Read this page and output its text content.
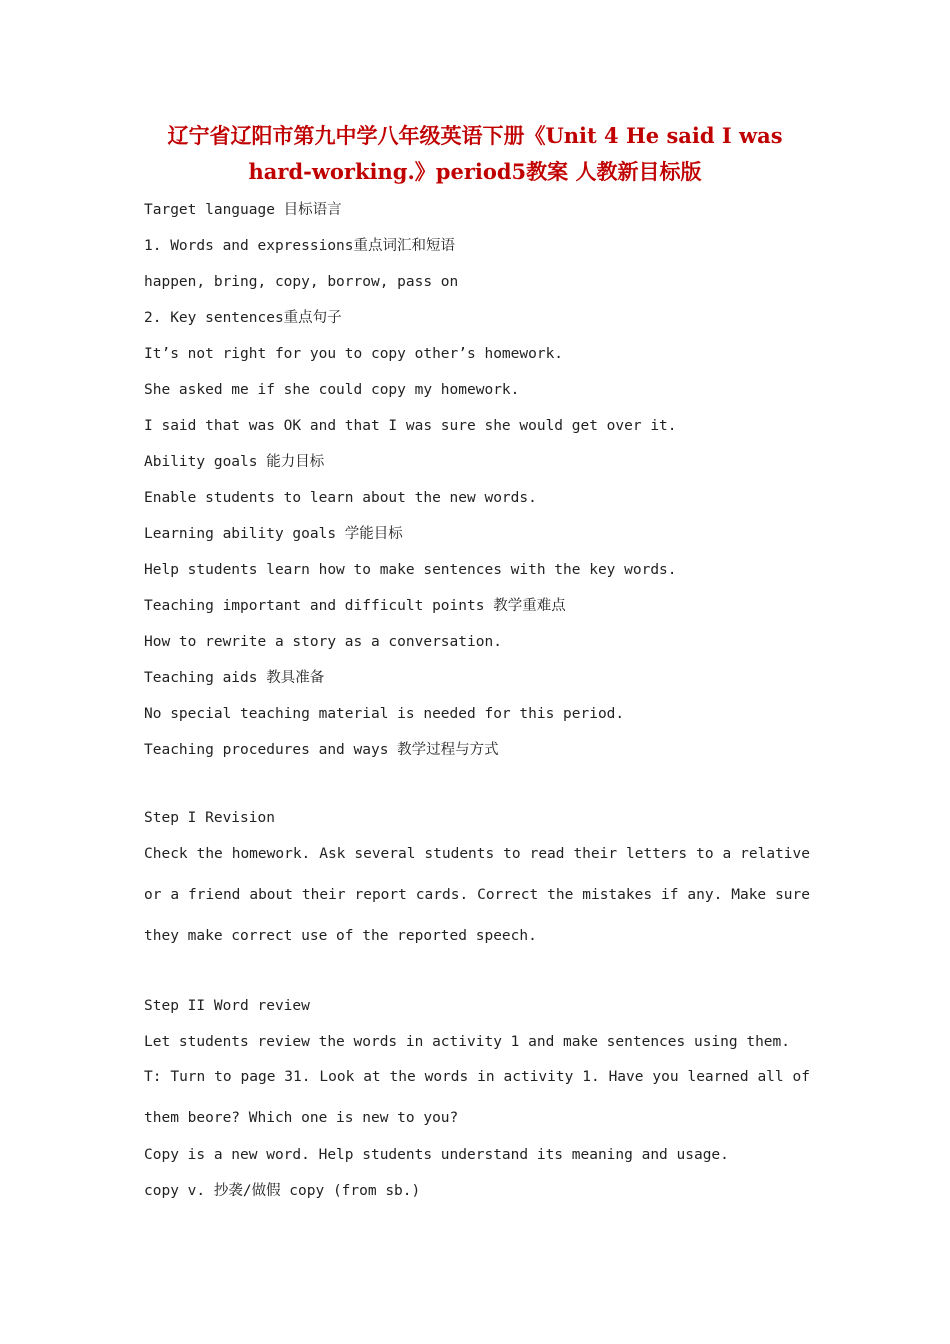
辽宁省辽阳市第九中学八年级英语下册《Unit 4 He said I was
hard-working.》period5教案 人教新目标版
Target language 目标语言
1. Words and expressions重点词汇和短语
happen, bring, copy, borrow, pass on
2. Key sentences重点句子
It’s not right for you to copy other’s homework.
She asked me if she could copy my homework.
I said that was OK and that I was sure she would get over it.
Ability goals 能力目标
Enable students to learn about the new words.
Learning ability goals 学能目标
Help students learn how to make sentences with the key words.
Teaching important and difficult points 教学重难点
How to rewrite a story as a conversation.
Teaching aids 教具准备
No special teaching material is needed for this period.
Teaching procedures and ways 教学过程与方式
Step I Revision
Check the homework. Ask several students to read their letters to a relative or a friend about their report cards. Correct the mistakes if any. Make sure they make correct use of the reported speech.
Step II Word review
Let students review the words in activity 1 and make sentences using them.
T: Turn to page 31. Look at the words in activity 1. Have you learned all of them beore? Which one is new to you?
Copy is a new word. Help students understand its meaning and usage.
copy v. 抄袭/做假 copy (from sb.)
